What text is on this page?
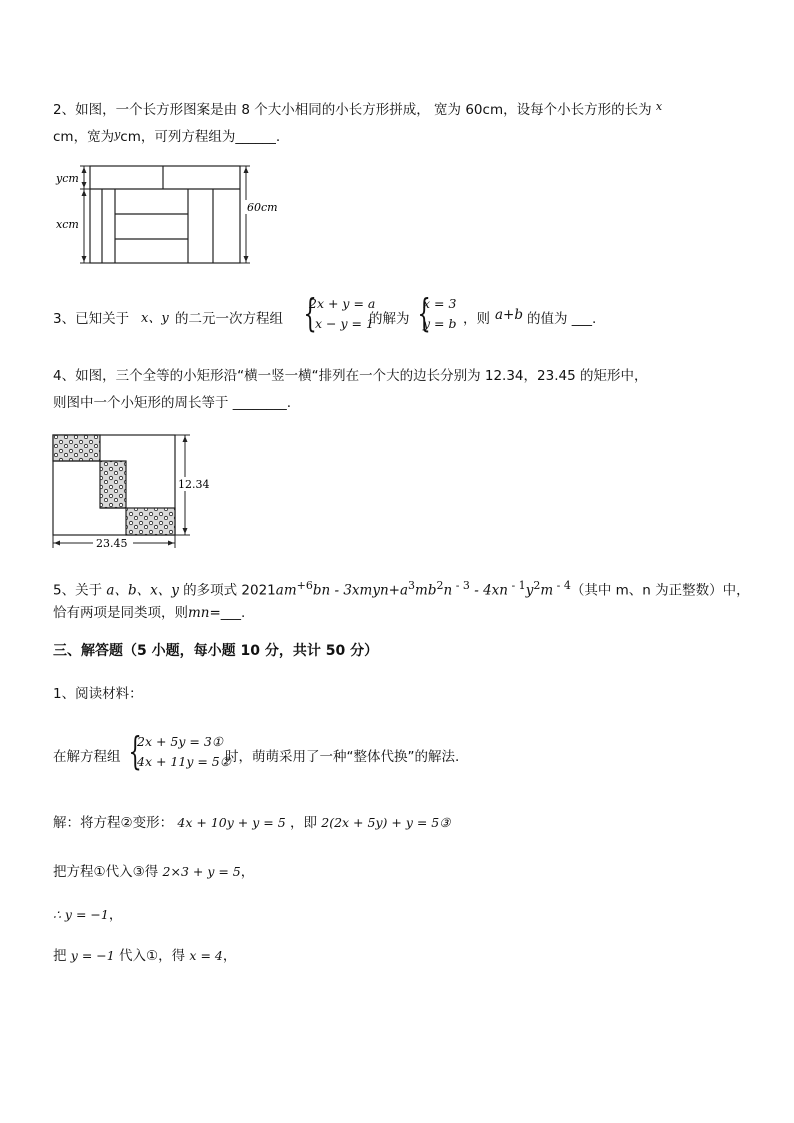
2、如图，一个长方形图案是由 8 个大小相同的小长方形拼成， 宽为 60cm，设每个小长方形的长为 $^x$
cm，宽为$^y$cm，可列方程组为______.
ycm
xcm
60cm
3、已知关于 x、y 的二元一次方程组 {
2x + y = a
x − y = 1
的解为 {
x = 3
y = b ，则 a+b 的值为 ___.
4、如图，三个全等的小矩形沿“横一竖一横“排列在一个大的边长分别为 12.34，23.45 的矩形中，
则图中一个小矩形的周长等于 ________.
12.34
23.45
5、关于 a、b、x、y 的多项式 $2021am^{+6}bn$ - $3xmyn+a^3mb^2n$ $^{- 3}$ - 4xn $^{- 1}y^2m$ $^{- 4}$（其中 m、n 为正整数）中，
恰有两项是同类项，则mn=___.
三、解答题（5 小题，每小题 10 分，共计 50 分）
1、阅读材料：
在解方程组 {
2x + 5y = 3①
4x + 11y = 5②
时，萌萌采用了一种“整体代换”的解法.
解：将方程②变形： 4x + 10y + y = 5 ，即 2(2x + 5y) + y = 5③
把方程①代入③得 2×3 + y = 5，
∴ y = −1，
把 y = −1 代入①，得 x = 4，
